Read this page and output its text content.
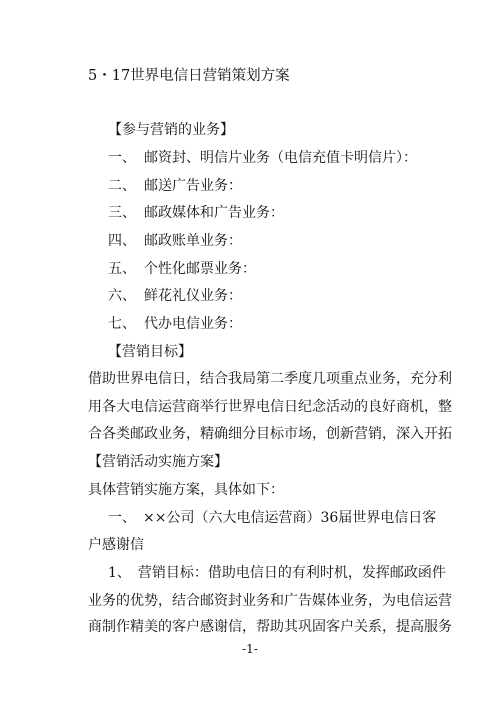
5・17世界电信日营销策划方案
【参与营销的业务】
一、 邮资封、明信片业务（电信充值卡明信片）：
二、 邮送广告业务：
三、 邮政媒体和广告业务：
四、 邮政账单业务：
五、 个性化邮票业务：
六、 鲜花礼仪业务：
七、 代办电信业务：
【营销目标】
借助世界电信日，结合我局第二季度几项重点业务，充分利
用各大电信运营商举行世界电信日纪念活动的良好商机，整
合各类邮政业务，精确细分目标市场，创新营销，深入开拓
【营销活动实施方案】
具体营销实施方案，具体如下：
一、　××公司（六大电信运营商）36届世界电信日客
户感谢信
1、　营销目标：借助电信日的有利时机，发挥邮政函件
业务的优势，结合邮资封业务和广告媒体业务，为电信运营
商制作精美的客户感谢信，帮助其巩固客户关系，提高服务
-1-
